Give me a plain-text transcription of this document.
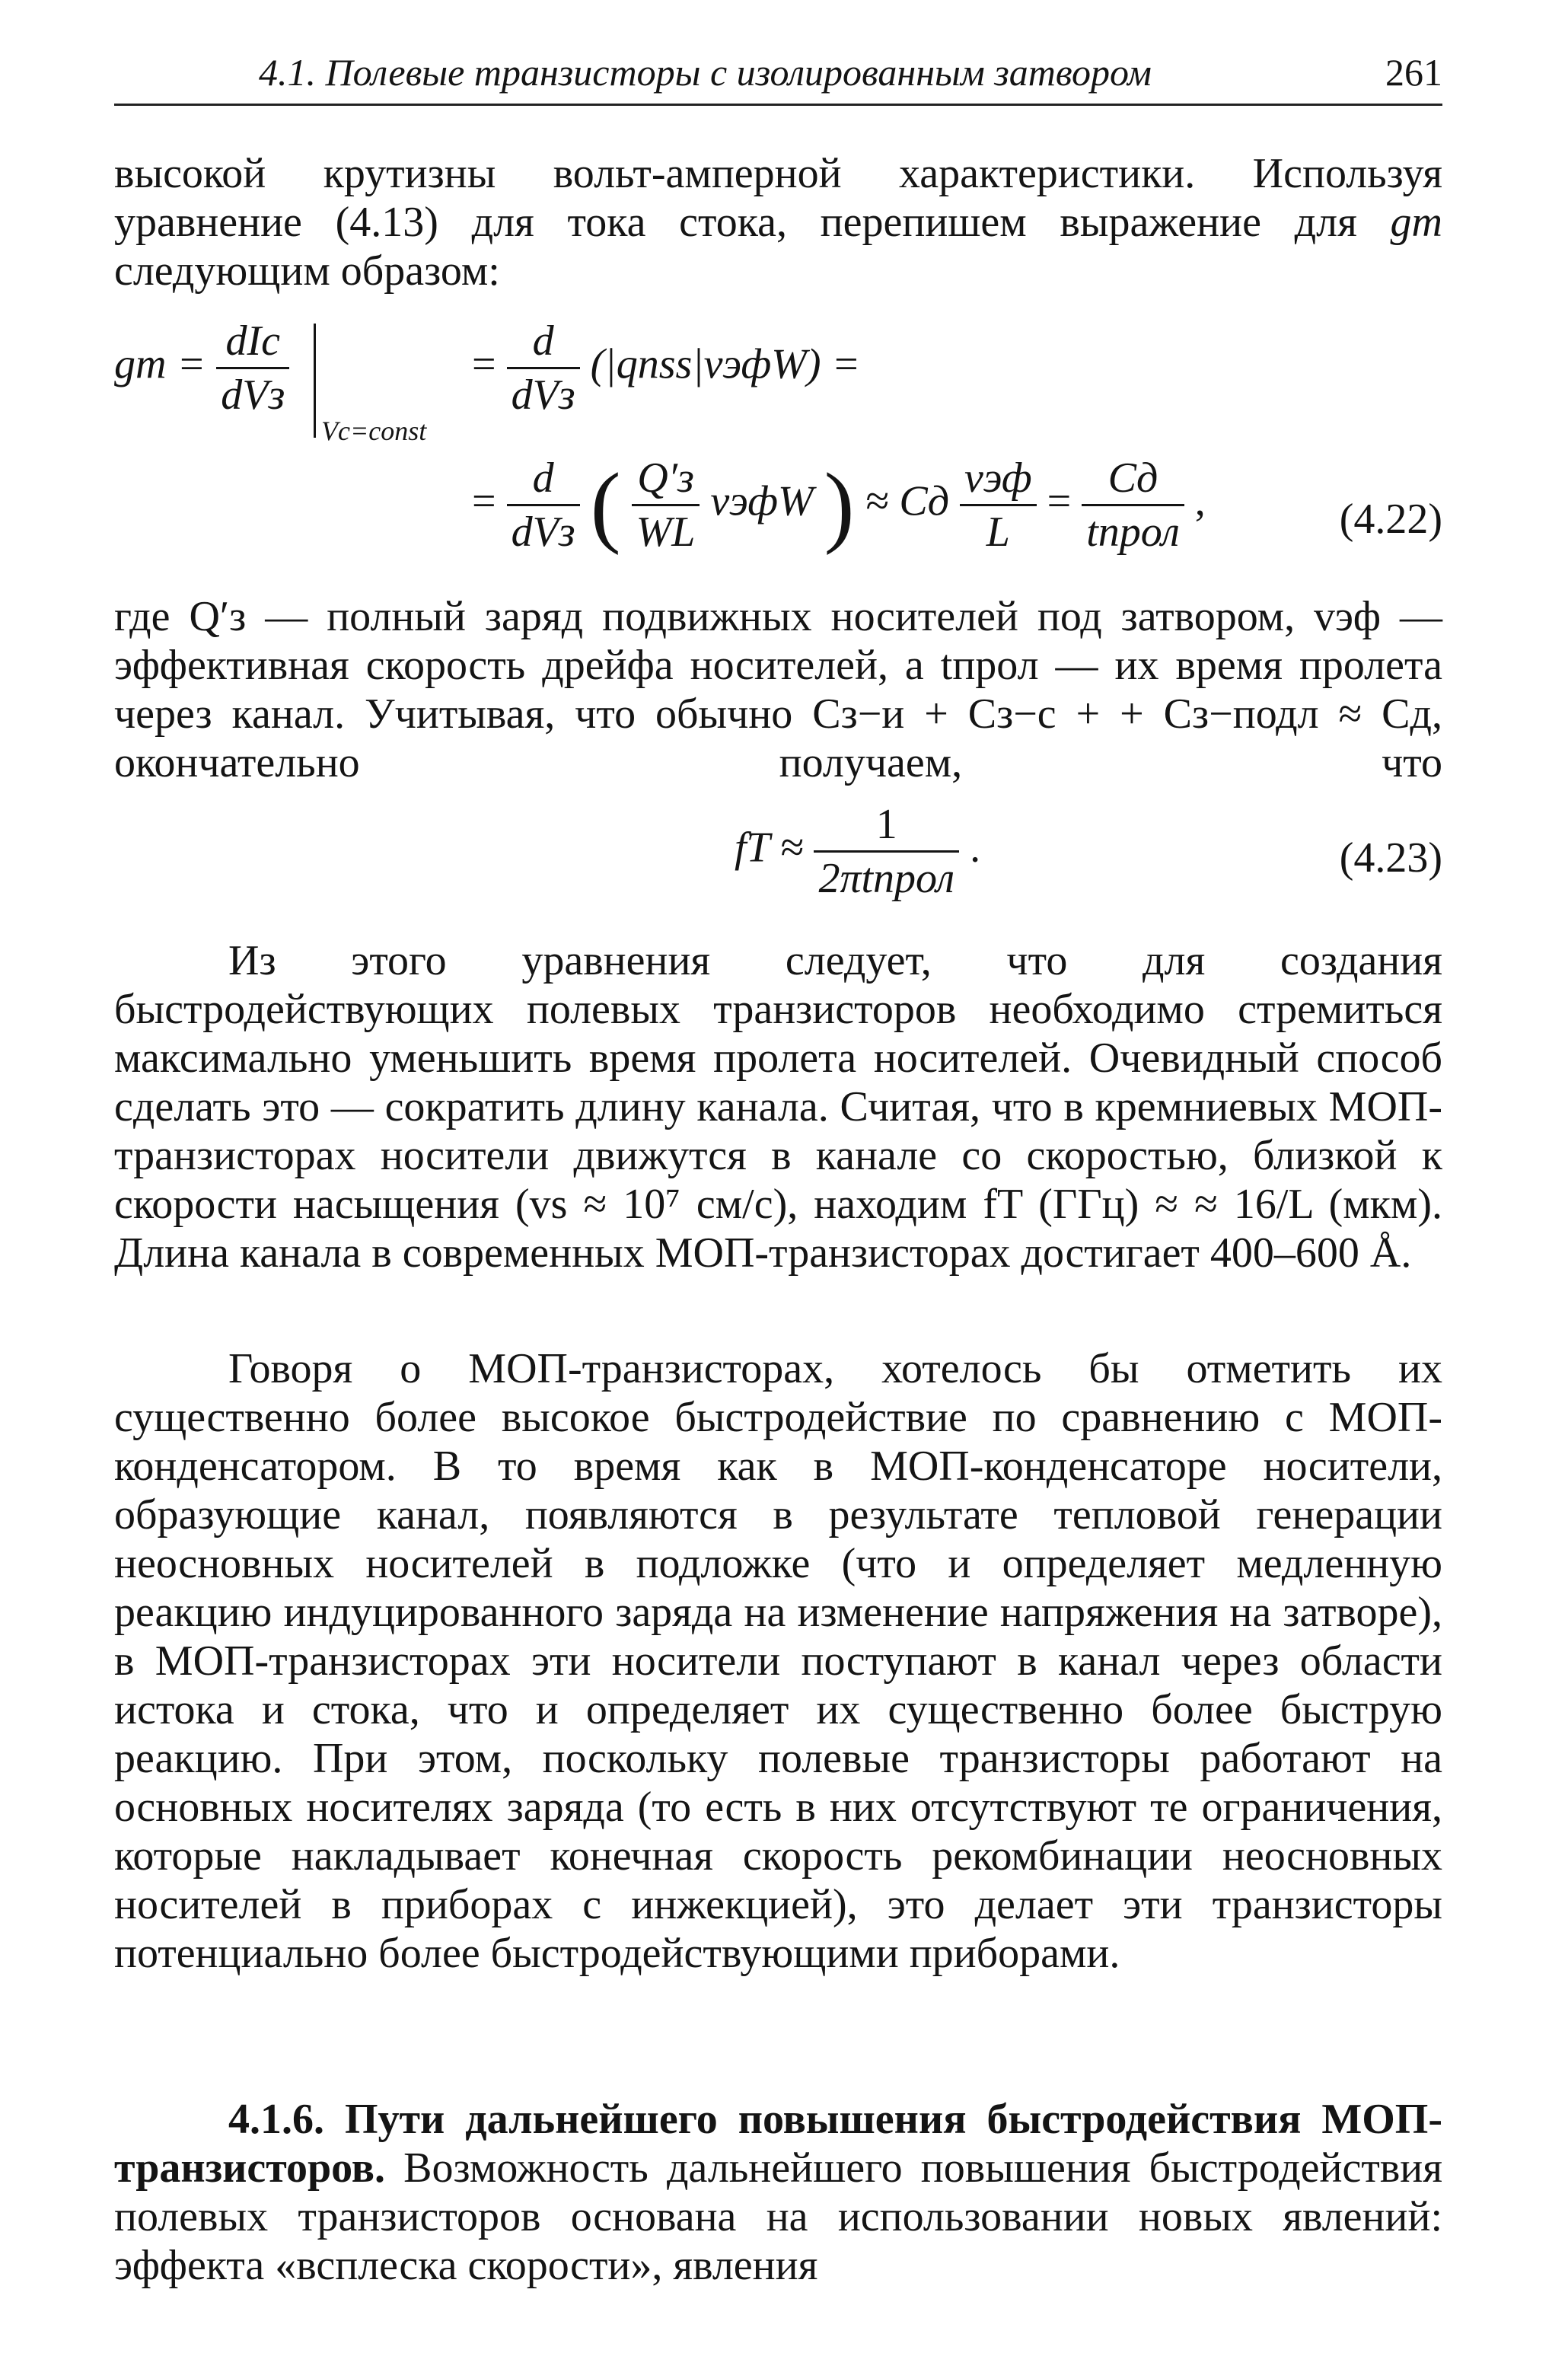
4.1. Полевые транзисторы с изолированным затвором	261
высокой крутизны вольт-амперной характеристики. Используя уравнение (4.13) для тока стока, перепишем выражение для gm следующим образом:
gm = $\frac{\text{dIс}}{\text{dVз}}$
Vс=const
= $\frac{d}{\text{dVз}}$ (|qnss|vэфW) =
= $\frac{d}{\text{dVз}}$ ( $\frac{Q'з}{WL}$ vэфW ) ≈ Cд $\frac{\text{vэф}}{L} = \frac{Cд}{\text{tпрол}}$ ,	(4.22)
где Q′з — полный заряд подвижных носителей под затвором, vэф — эффективная скорость дрейфа носителей, а tпрол — их время пролета через канал. Учитывая, что обычно Cз−и + Cз−с + + Cз−подл ≈ Cд, окончательно получаем, что
fT ≈ $\frac{1}{\text{2πtпрол}}$ .	(4.23)
Из этого уравнения следует, что для создания быстродействующих полевых транзисторов необходимо стремиться максимально уменьшить время пролета носителей. Очевидный способ сделать это — сократить длину канала. Считая, что в кремниевых МОП-транзисторах носители движутся в канале со скоростью, близкой к скорости насыщения (vs ≈ 10⁷ см/с), находим fT (ГГц) ≈ ≈ 16/L (мкм). Длина канала в современных МОП-транзисторах достигает 400–600 Å.
Говоря о МОП-транзисторах, хотелось бы отметить их существенно более высокое быстродействие по сравнению с МОП-конденсатором. В то время как в МОП-конденсаторе носители, образующие канал, появляются в результате тепловой генерации неосновных носителей в подложке (что и определяет медленную реакцию индуцированного заряда на изменение напряжения на затворе), в МОП-транзисторах эти носители поступают в канал через области истока и стока, что и определяет их существенно более быструю реакцию. При этом, поскольку полевые транзисторы работают на основных носителях заряда (то есть в них отсутствуют те ограничения, которые накладывает конечная скорость рекомбинации неосновных носителей в приборах с инжекцией), это делает эти транзисторы потенциально более быстродействующими приборами.
4.1.6. Пути дальнейшего повышения быстродействия МОП-транзисторов. Возможность дальнейшего повышения быстродействия полевых транзисторов основана на использовании новых явлений: эффекта «всплеска скорости», явления
